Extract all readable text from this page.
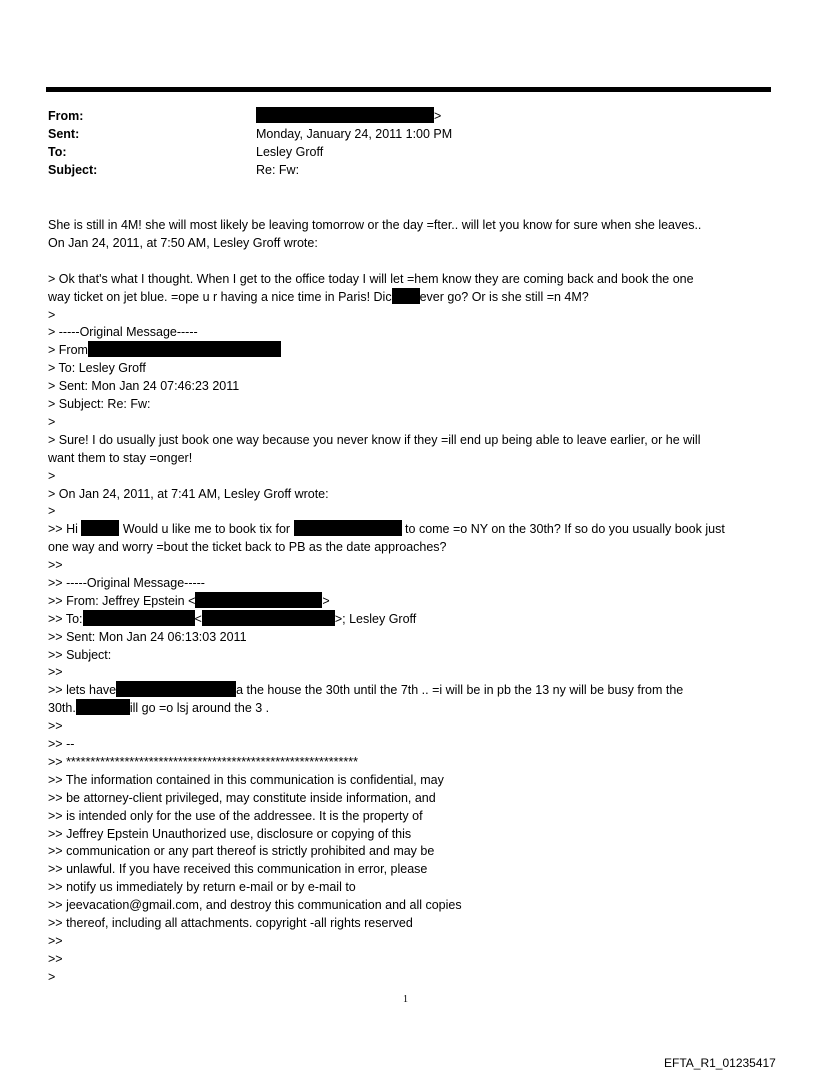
From:	>
Sent:	Monday, January 24, 2011 1:00 PM
To:	Lesley Groff
Subject:	Re: Fw:
She is still in 4M! she will most likely be leaving tomorrow or the day =fter.. will let you know for sure when she leaves..
On Jan 24, 2011, at 7:50 AM, Lesley Groff wrote:
> Ok that's what I thought. When I get to the office today I will let =hem know they are coming back and book the one
way ticket on jet blue. =ope u r having a nice time in Paris! Dic ever go? Or is she still =n 4M?
>
> -----Original Message-----
> From
> To: Lesley Groff
> Sent: Mon Jan 24 07:46:23 2011
> Subject: Re: Fw:
>
> Sure! I do usually just book one way because you never know if they =ill end up being able to leave earlier, or he will
want them to stay =onger!
>
> On Jan 24, 2011, at 7:41 AM, Lesley Groff wrote:
>
>> Hi	Would u like me to book tix for	to come =o NY on the 30th? If so do you usually book just
one way and worry =bout the ticket back to PB as the date approaches?
>>
>> -----Original Message-----
>> From: Jeffrey Epstein <	>
>> To:	<	>; Lesley Groff
>> Sent: Mon Jan 24 06:13:03 2011
>> Subject:
>>
>> lets have	a the house the 30th until the 7th .. =i will be in pb the 13 ny will be busy from the
30th.	ill go =o lsj around the 3 .
>>
>> --
>> ************************************************************
>> The information contained in this communication is confidential, may
>> be attorney-client privileged, may constitute inside information, and
>> is intended only for the use of the addressee. It is the property of
>> Jeffrey Epstein Unauthorized use, disclosure or copying of this
>> communication or any part thereof is strictly prohibited and may be
>> unlawful. If you have received this communication in error, please
>> notify us immediately by return e-mail or by e-mail to
>> jeevacation@gmail.com, and destroy this communication and all copies
>> thereof, including all attachments. copyright -all rights reserved
>>
>>
>
1
EFTA_R1_01235417
